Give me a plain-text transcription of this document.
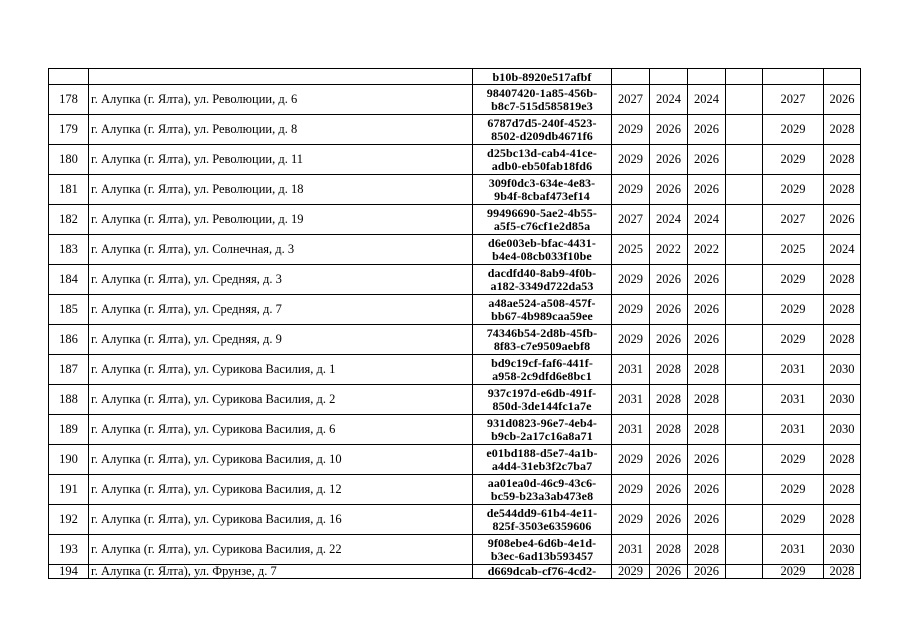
		b10b-8920e517afbf						
178	г. Алупка (г. Ялта), ул. Революции, д. 6	98407420-1a85-456b-
b8c7-515d585819e3	2027	2024	2024		2027	2026
179	г. Алупка (г. Ялта), ул. Революции, д. 8	6787d7d5-240f-4523-
8502-d209db4671f6	2029	2026	2026		2029	2028
180	г. Алупка (г. Ялта), ул. Революции, д. 11	d25bc13d-cab4-41ce-
adb0-eb50fab18fd6	2029	2026	2026		2029	2028
181	г. Алупка (г. Ялта), ул. Революции, д. 18	309f0dc3-634e-4e83-
9b4f-8cbaf473ef14	2029	2026	2026		2029	2028
182	г. Алупка (г. Ялта), ул. Революции, д. 19	99496690-5ae2-4b55-
a5f5-c76cf1e2d85a	2027	2024	2024		2027	2026
183	г. Алупка (г. Ялта), ул. Солнечная, д. 3	d6e003eb-bfac-4431-
b4e4-08cb033f10be	2025	2022	2022		2025	2024
184	г. Алупка (г. Ялта), ул. Средняя, д. 3	dacdfd40-8ab9-4f0b-
a182-3349d722da53	2029	2026	2026		2029	2028
185	г. Алупка (г. Ялта), ул. Средняя, д. 7	a48ae524-a508-457f-
bb67-4b989caa59ee	2029	2026	2026		2029	2028
186	г. Алупка (г. Ялта), ул. Средняя, д. 9	74346b54-2d8b-45fb-
8f83-c7e9509aebf8	2029	2026	2026		2029	2028
187	г. Алупка (г. Ялта), ул. Сурикова Василия, д. 1	bd9c19cf-faf6-441f-
a958-2c9dfd6e8bc1	2031	2028	2028		2031	2030
188	г. Алупка (г. Ялта), ул. Сурикова Василия, д. 2	937c197d-e6db-491f-
850d-3de144fc1a7e	2031	2028	2028		2031	2030
189	г. Алупка (г. Ялта), ул. Сурикова Василия, д. 6	931d0823-96e7-4eb4-
b9cb-2a17c16a8a71	2031	2028	2028		2031	2030
190	г. Алупка (г. Ялта), ул. Сурикова Василия, д. 10	e01bd188-d5e7-4a1b-
a4d4-31eb3f2c7ba7	2029	2026	2026		2029	2028
191	г. Алупка (г. Ялта), ул. Сурикова Василия, д. 12	aa01ea0d-46c9-43c6-
bc59-b23a3ab473e8	2029	2026	2026		2029	2028
192	г. Алупка (г. Ялта), ул. Сурикова Василия, д. 16	de544dd9-61b4-4e11-
825f-3503e6359606	2029	2026	2026		2029	2028
193	г. Алупка (г. Ялта), ул. Сурикова Василия, д. 22	9f08ebe4-6d6b-4e1d-
b3ec-6ad13b593457	2031	2028	2028		2031	2030
194	г. Алупка (г. Ялта), ул. Фрунзе, д. 7	d669dcab-cf76-4cd2-	2029	2026	2026		2029	2028
